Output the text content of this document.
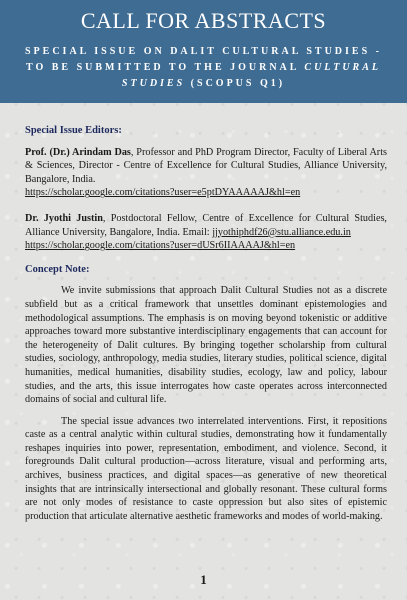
CALL FOR ABSTRACTS
SPECIAL ISSUE ON DALIT CULTURAL STUDIES - TO BE SUBMITTED TO THE JOURNAL CULTURAL STUDIES (SCOPUS Q1)
Special Issue Editors:
Prof. (Dr.) Arindam Das, Professor and PhD Program Director, Faculty of Liberal Arts & Sciences, Director - Centre of Excellence for Cultural Studies, Alliance University, Bangalore, India.
https://scholar.google.com/citations?user=e5ptDYAAAAAJ&hl=en
Dr. Jyothi Justin, Postdoctoral Fellow, Centre of Excellence for Cultural Studies, Alliance University, Bangalore, India. Email: jjyothiphdf26@stu.alliance.edu.in
https://scholar.google.com/citations?user=dUSr6IIAAAAJ&hl=en
Concept Note:
We invite submissions that approach Dalit Cultural Studies not as a discrete subfield but as a critical framework that unsettles dominant epistemologies and methodological assumptions. The emphasis is on moving beyond tokenistic or additive approaches toward more substantive interdisciplinary engagements that can account for the heterogeneity of Dalit cultures. By bringing together scholarship from cultural studies, sociology, anthropology, media studies, literary studies, political science, digital humanities, medical humanities, disability studies, ecology, law and policy, labour studies, and the arts, this issue interrogates how caste operates across interconnected domains of social and cultural life.
The special issue advances two interrelated interventions. First, it repositions caste as a central analytic within cultural studies, demonstrating how it fundamentally reshapes inquiries into power, representation, embodiment, and violence. Second, it foregrounds Dalit cultural production—across literature, visual and performing arts, archives, business practices, and digital spaces—as generative of new theoretical insights that are intrinsically intersectional and globally resonant. These cultural forms are not only modes of resistance to caste oppression but also sites of epistemic production that articulate alternative aesthetic frameworks and modes of world-making.
1
